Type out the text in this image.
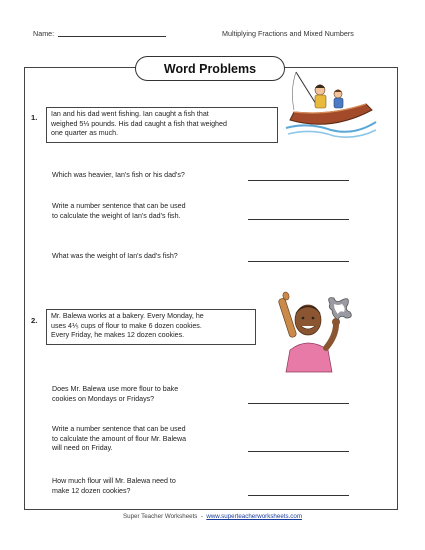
Name:	Multiplying Fractions and Mixed Numbers
Word Problems
1. Ian and his dad went fishing. Ian caught a fish that
weighed 5⅓ pounds. His dad caught a fish that weighed
one quarter as much.
Which was heavier, Ian's fish or his dad's?
Write a number sentence that can be used
to calculate the weight of Ian's dad's fish.
What was the weight of Ian's dad's fish?
2. Mr. Balewa works at a bakery. Every Monday, he
uses 4⅕ cups of flour to make 6 dozen cookies.
Every Friday, he makes 12 dozen cookies.
Does Mr. Balewa use more flour to bake
cookies on Mondays or Fridays?
Write a number sentence that can be used
to calculate the amount of flour Mr. Balewa
will need on Friday.
How much flour will Mr. Balewa need to
make 12 dozen cookies?
Super Teacher Worksheets - www.superteacherworksheets.com
